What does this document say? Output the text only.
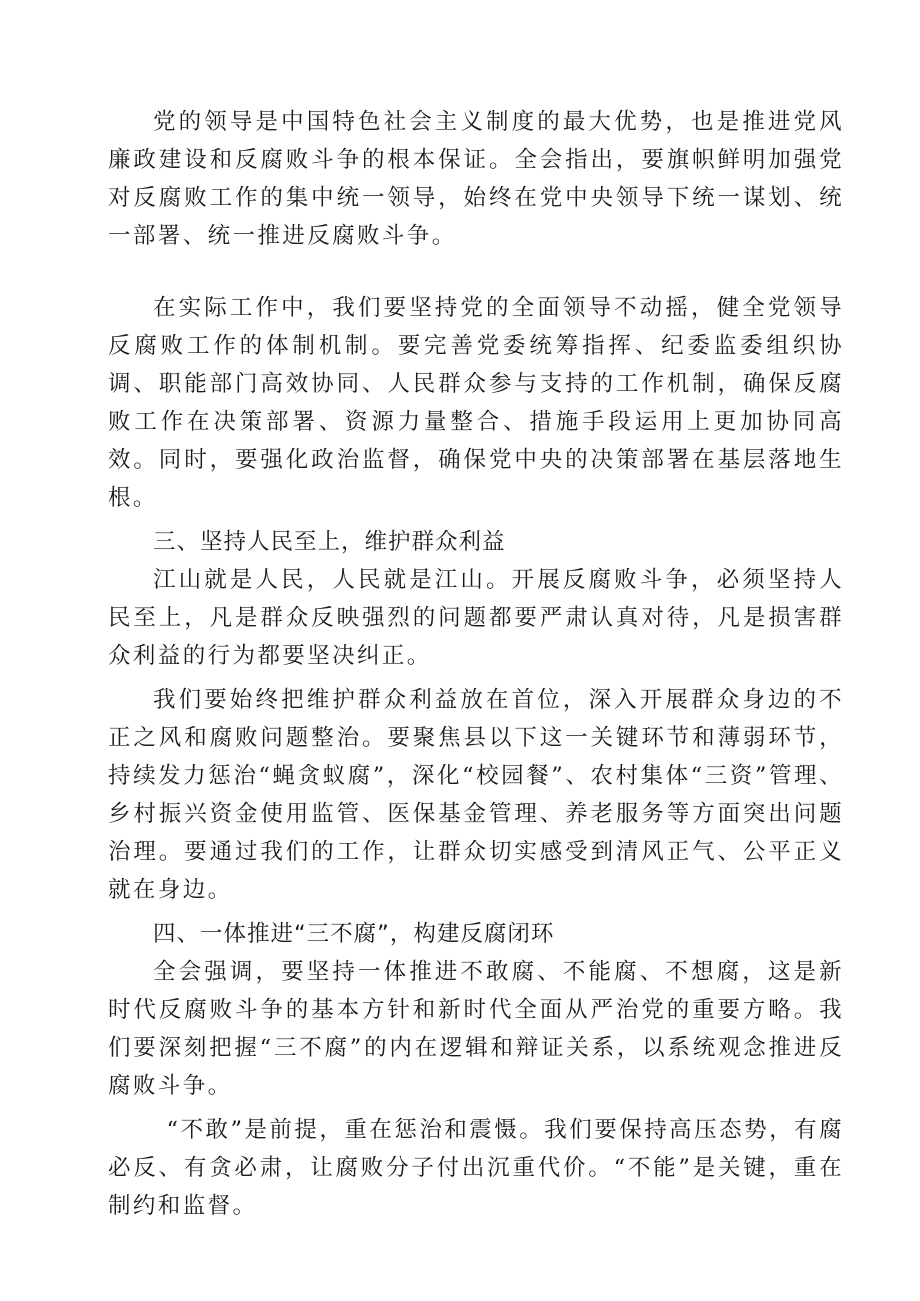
党的领导是中国特色社会主义制度的最大优势，也是推进党风廉政建设和反腐败斗争的根本保证。全会指出，要旗帜鲜明加强党对反腐败工作的集中统一领导，始终在党中央领导下统一谋划、统一部署、统一推进反腐败斗争。

在实际工作中，我们要坚持党的全面领导不动摇，健全党领导反腐败工作的体制机制。要完善党委统筹指挥、纪委监委组织协调、职能部门高效协同、人民群众参与支持的工作机制，确保反腐败工作在决策部署、资源力量整合、措施手段运用上更加协同高效。同时，要强化政治监督，确保党中央的决策部署在基层落地生根。

三、坚持人民至上，维护群众利益

江山就是人民，人民就是江山。开展反腐败斗争，必须坚持人民至上，凡是群众反映强烈的问题都要严肃认真对待，凡是损害群众利益的行为都要坚决纠正。

我们要始终把维护群众利益放在首位，深入开展群众身边的不正之风和腐败问题整治。要聚焦县以下这一关键环节和薄弱环节，持续发力惩治“蝇贪蚁腐”，深化“校园餐”、农村集体“三资”管理、乡村振兴资金使用监管、医保基金管理、养老服务等方面突出问题治理。要通过我们的工作，让群众切实感受到清风正气、公平正义就在身边。

四、一体推进“三不腐”，构建反腐闭环

全会强调，要坚持一体推进不敢腐、不能腐、不想腐，这是新时代反腐败斗争的基本方针和新时代全面从严治党的重要方略。我们要深刻把握“三不腐”的内在逻辑和辩证关系，以系统观念推进反腐败斗争。

“不敢”是前提，重在惩治和震慑。我们要保持高压态势，有腐必反、有贪必肃，让腐败分子付出沉重代价。“不能”是关键，重在制约和监督。
